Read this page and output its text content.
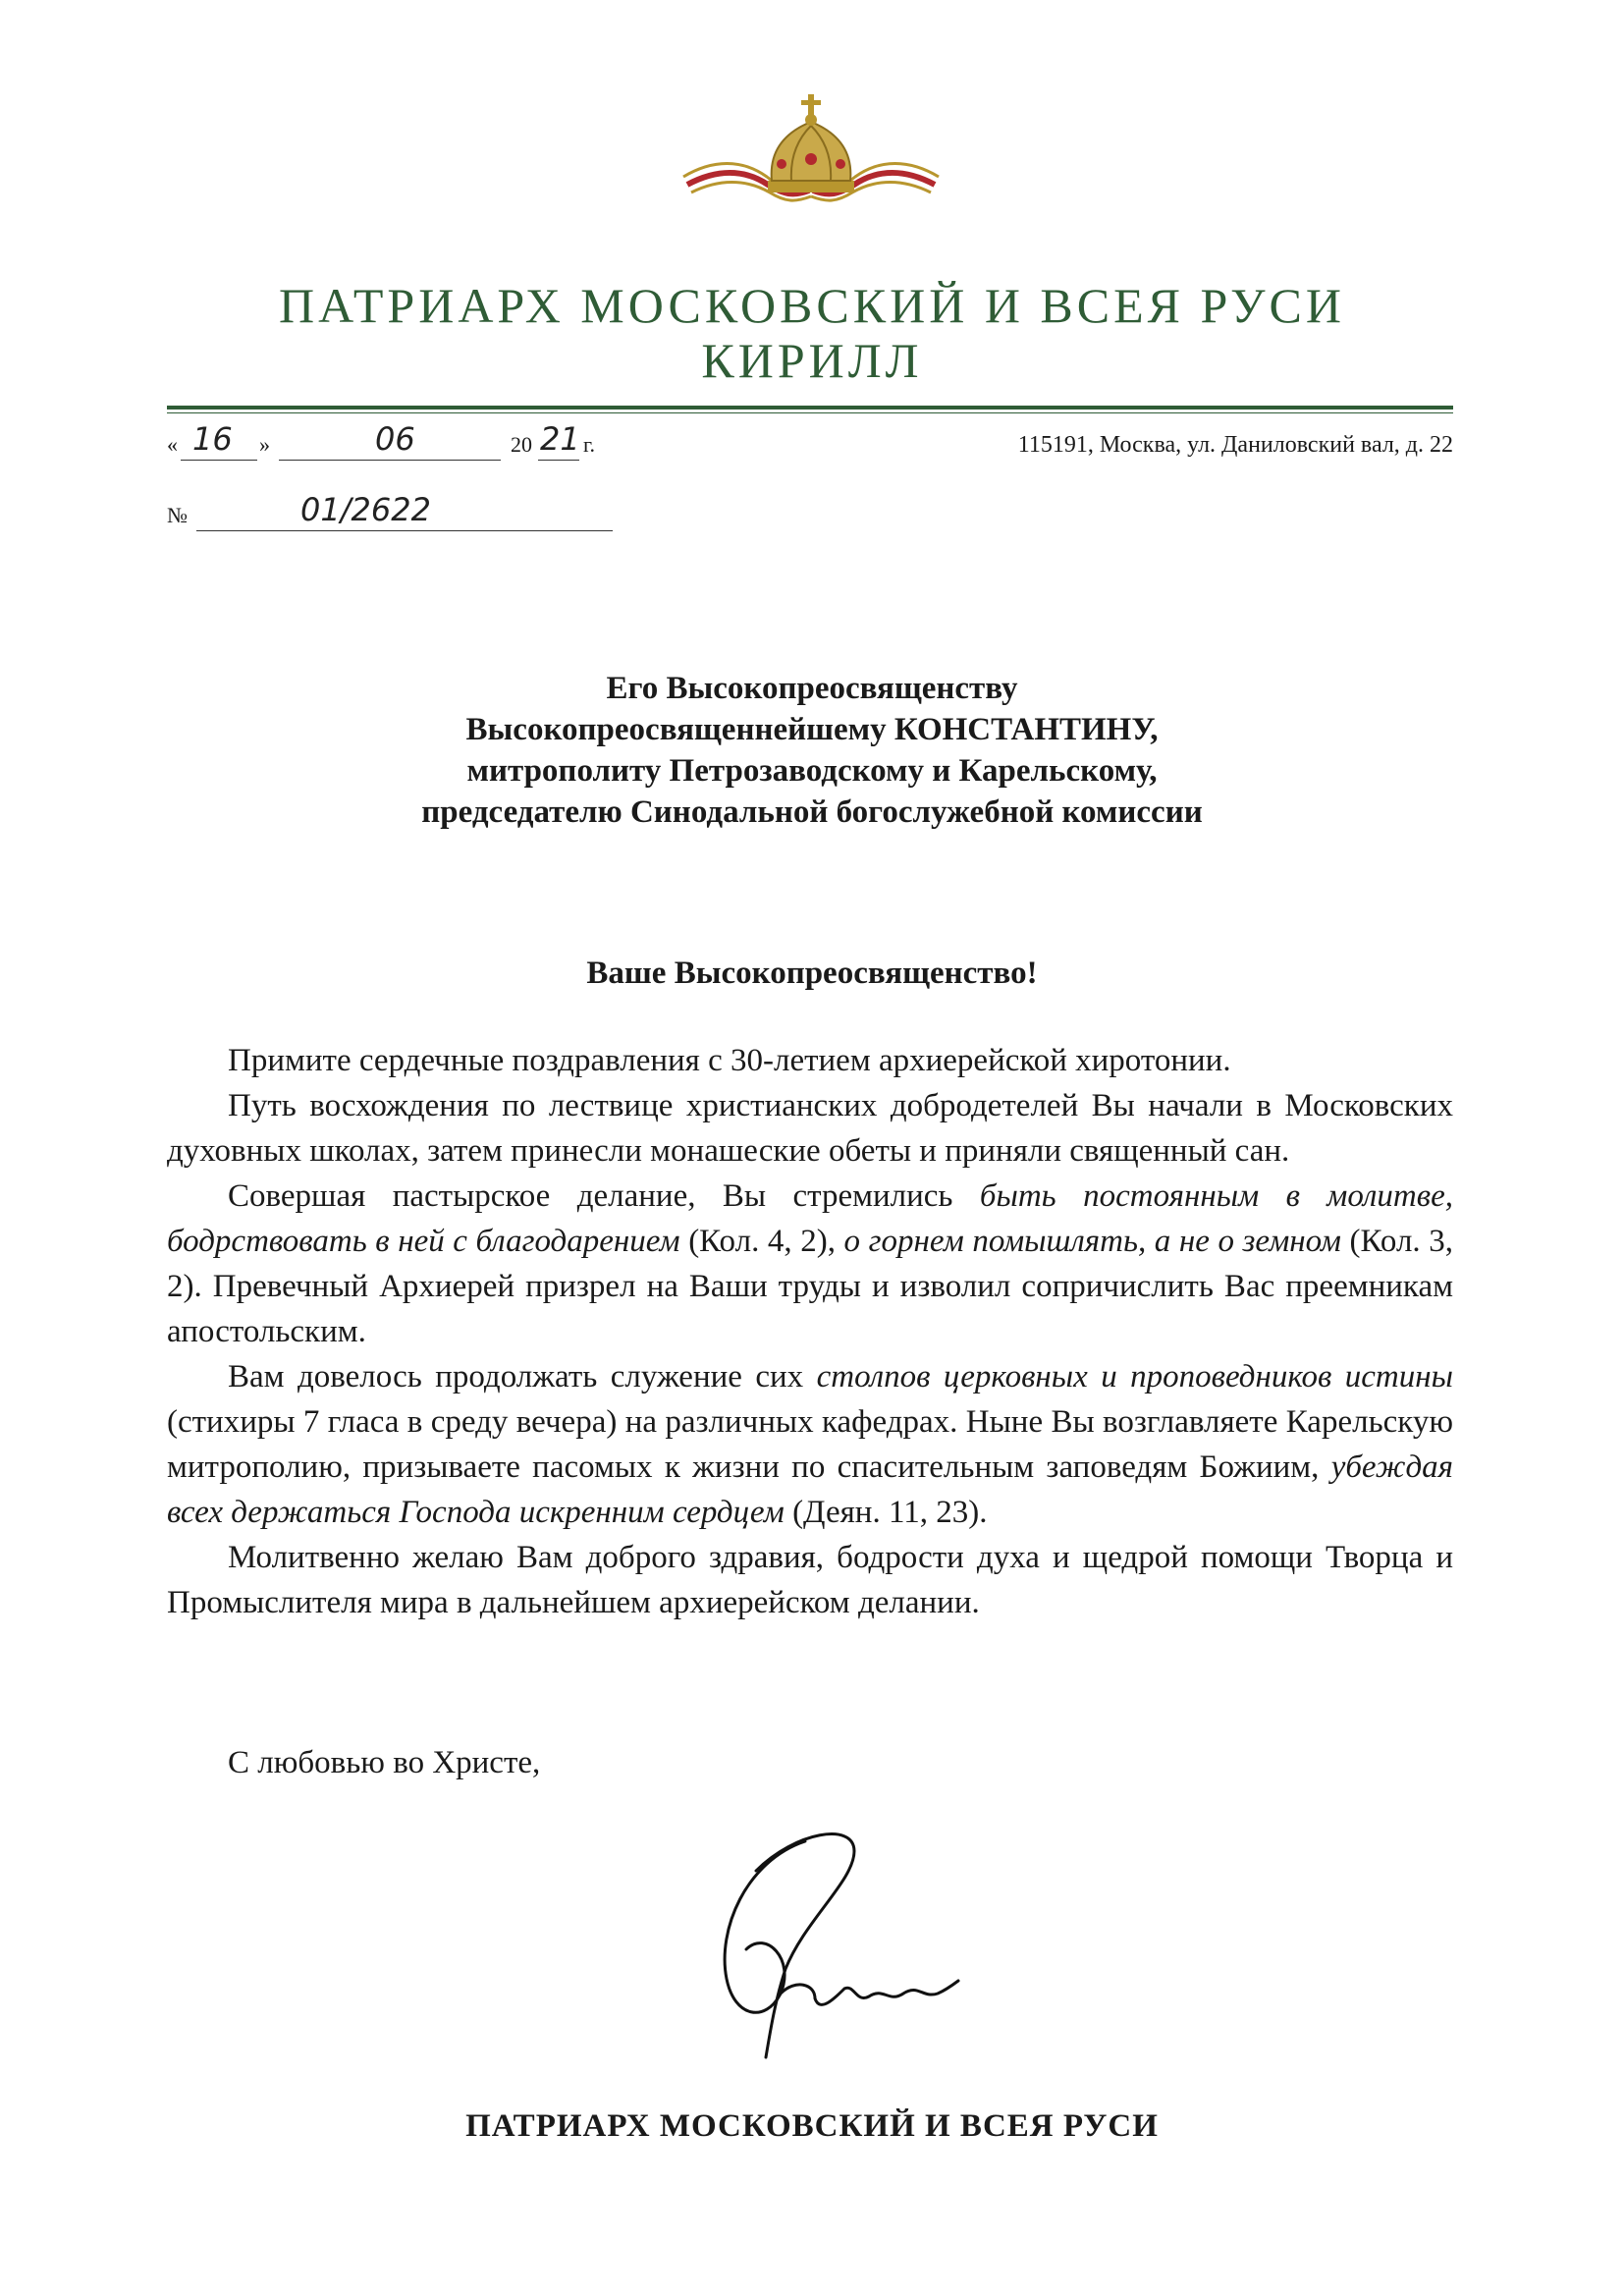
ПАТРИАРХ МОСКОВСКИЙ И ВСЕЯ РУСИ
КИРИЛЛ
« 16 »	06	20 21 г.	115191, Москва, ул. Даниловский вал, д. 22
№	01/2622
Его Высокопреосвященству
Высокопреосвященнейшему КОНСТАНТИНУ,
митрополиту Петрозаводскому и Карельскому,
председателю Синодальной богослужебной комиссии
Ваше Высокопреосвященство!

Примите сердечные поздравления с 30-летием архиерейской хиротонии.

Путь восхождения по лествице христианских добродетелей Вы начали в Московских духовных школах, затем принесли монашеские обеты и приняли священный сан.

Совершая пастырское делание, Вы стремились быть постоянным в молитве, бодрствовать в ней с благодарением (Кол. 4, 2), о горнем помышлять, а не о земном (Кол. 3, 2). Превечный Архиерей призрел на Ваши труды и изволил сопричислить Вас преемникам апостольским.

Вам довелось продолжать служение сих столпов церковных и проповедников истины (стихиры 7 гласа в среду вечера) на различных кафедрах. Ныне Вы возглавляете Карельскую митрополию, призываете пасомых к жизни по спасительным заповедям Божиим, убеждая всех держаться Господа искренним сердцем (Деян. 11, 23).

Молитвенно желаю Вам доброго здравия, бодрости духа и щедрой помощи Творца и Промыслителя мира в дальнейшем архиерейском делании.

С любовью во Христе,
ПАТРИАРХ МОСКОВСКИЙ И ВСЕЯ РУСИ
